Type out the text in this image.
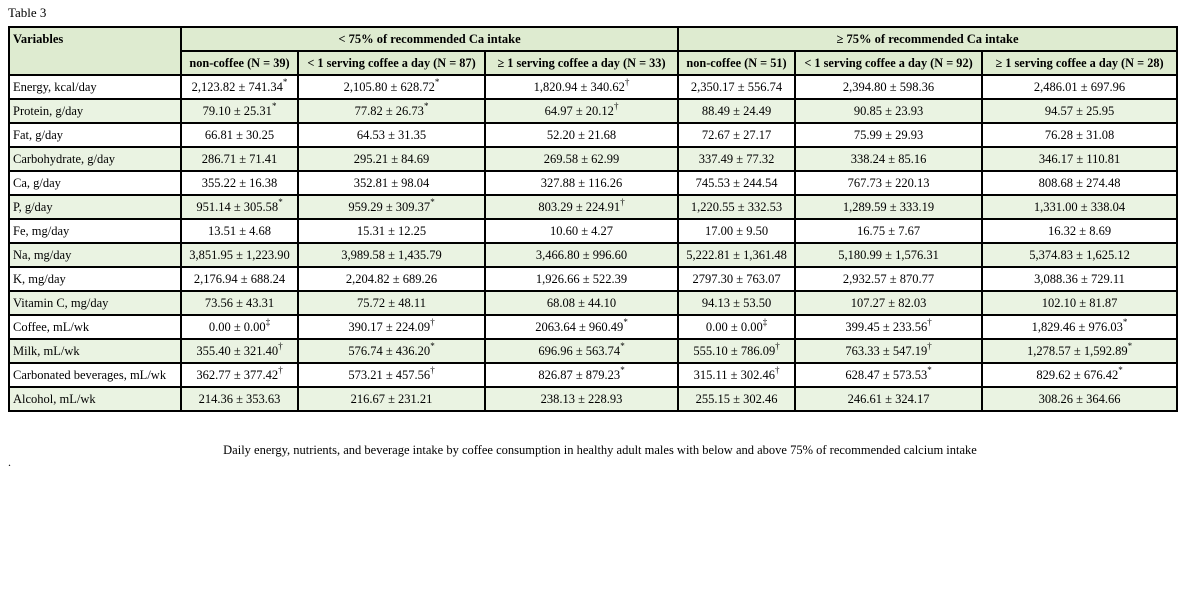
Table 3
Variables	< 75% of recommended Ca intake			≥ 75% of recommended Ca intake		
	non-coffee (N = 39)	< 1 serving coffee a day (N = 87)	≥ 1 serving coffee a day (N = 33)	non-coffee (N = 51)	< 1 serving coffee a day (N = 92)	≥ 1 serving coffee a day (N = 28)
Energy, kcal/day	2,123.82 ± 741.34*	2,105.80 ± 628.72*	1,820.94 ± 340.62†	2,350.17 ± 556.74	2,394.80 ± 598.36	2,486.01 ± 697.96
Protein, g/day	79.10 ± 25.31*	77.82 ± 26.73*	64.97 ± 20.12†	88.49 ± 24.49	90.85 ± 23.93	94.57 ± 25.95
Fat, g/day	66.81 ± 30.25	64.53 ± 31.35	52.20 ± 21.68	72.67 ± 27.17	75.99 ± 29.93	76.28 ± 31.08
Carbohydrate, g/day	286.71 ± 71.41	295.21 ± 84.69	269.58 ± 62.99	337.49 ± 77.32	338.24 ± 85.16	346.17 ± 110.81
Ca, g/day	355.22 ± 16.38	352.81 ± 98.04	327.88 ± 116.26	745.53 ± 244.54	767.73 ± 220.13	808.68 ± 274.48
P, g/day	951.14 ± 305.58*	959.29 ± 309.37*	803.29 ± 224.91†	1,220.55 ± 332.53	1,289.59 ± 333.19	1,331.00 ± 338.04
Fe, mg/day	13.51 ± 4.68	15.31 ± 12.25	10.60 ± 4.27	17.00 ± 9.50	16.75 ± 7.67	16.32 ± 8.69
Na, mg/day	3,851.95 ± 1,223.90	3,989.58 ± 1,435.79	3,466.80 ± 996.60	5,222.81 ± 1,361.48	5,180.99 ± 1,576.31	5,374.83 ± 1,625.12
K, mg/day	2,176.94 ± 688.24	2,204.82 ± 689.26	1,926.66 ± 522.39	2797.30 ± 763.07	2,932.57 ± 870.77	3,088.36 ± 729.11
Vitamin C, mg/day	73.56 ± 43.31	75.72 ± 48.11	68.08 ± 44.10	94.13 ± 53.50	107.27 ± 82.03	102.10 ± 81.87
Coffee, mL/wk	0.00 ± 0.00‡	390.17 ± 224.09†	2063.64 ± 960.49*	0.00 ± 0.00‡	399.45 ± 233.56†	1,829.46 ± 976.03*
Milk, mL/wk	355.40 ± 321.40†	576.74 ± 436.20*	696.96 ± 563.74*	555.10 ± 786.09†	763.33 ± 547.19†	1,278.57 ± 1,592.89*
Carbonated beverages, mL/wk	362.77 ± 377.42†	573.21 ± 457.56†	826.87 ± 879.23*	315.11 ± 302.46†	628.47 ± 573.53*	829.62 ± 676.42*
Alcohol, mL/wk	214.36 ± 353.63	216.67 ± 231.21	238.13 ± 228.93	255.15 ± 302.46	246.61 ± 324.17	308.26 ± 364.66
Daily energy, nutrients, and beverage intake by coffee consumption in healthy adult males with below and above 75% of recommended calcium intake
.
